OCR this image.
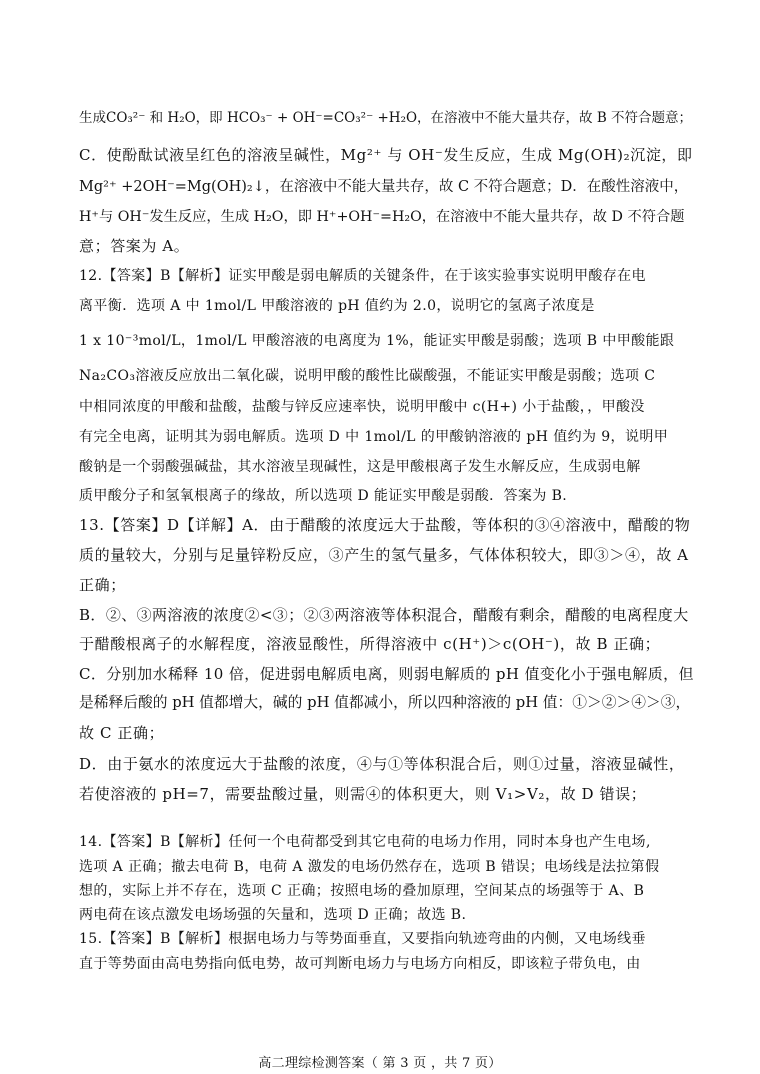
生成CO₃²⁻ 和 H₂O，即 HCO₃⁻ + OH⁻=CO₃²⁻ +H₂O，在溶液中不能大量共存，故 B 不符合题意；
C．使酚酞试液呈红色的溶液呈碱性，Mg²⁺ 与 OH⁻发生反应，生成 Mg(OH)₂沉淀，即
Mg²⁺ +2OH⁻=Mg(OH)₂↓，在溶液中不能大量共存，故 C 不符合题意；D．在酸性溶液中，
H⁺与 OH⁻发生反应，生成 H₂O，即 H⁺+OH⁻=H₂O，在溶液中不能大量共存，故 D 不符合题
意；答案为 A。
12.【答案】B【解析】证实甲酸是弱电解质的关键条件，在于该实验事实说明甲酸存在电
离平衡．选项 A 中 1mol/L 甲酸溶液的 pH 值约为 2.0，说明它的氢离子浓度是
1 x 10⁻³mol/L，1mol/L 甲酸溶液的电离度为 1%，能证实甲酸是弱酸；选项 B 中甲酸能跟
Na₂CO₃溶液反应放出二氧化碳，说明甲酸的酸性比碳酸强，不能证实甲酸是弱酸；选项 C
中相同浓度的甲酸和盐酸，盐酸与锌反应速率快，说明甲酸中 c(H+) 小于盐酸，，甲酸没
有完全电离，证明其为弱电解质。选项 D 中 1mol/L 的甲酸钠溶液的 pH 值约为 9，说明甲
酸钠是一个弱酸强碱盐，其水溶液呈现碱性，这是甲酸根离子发生水解反应，生成弱电解
质甲酸分子和氢氧根离子的缘故，所以选项 D 能证实甲酸是弱酸．答案为 B.
13.【答案】D【详解】A．由于醋酸的浓度远大于盐酸，等体积的③④溶液中，醋酸的物
质的量较大，分别与足量锌粉反应，③产生的氢气量多，气体体积较大，即③＞④，故 A
正确；
B．②、③两溶液的浓度②<③；②③两溶液等体积混合，醋酸有剩余，醋酸的电离程度大
于醋酸根离子的水解程度，溶液显酸性，所得溶液中 c(H⁺)＞c(OH⁻)，故 B 正确；
C．分别加水稀释 10 倍，促进弱电解质电离，则弱电解质的 pH 值变化小于强电解质，但
是稀释后酸的 pH 值都增大，碱的 pH 值都减小，所以四种溶液的 pH 值：①＞②＞④＞③，
故 C 正确；
D．由于氨水的浓度远大于盐酸的浓度，④与①等体积混合后，则①过量，溶液显碱性，
若使溶液的 pH=7，需要盐酸过量，则需④的体积更大，则 V₁>V₂，故 D 错误；
14.【答案】B【解析】任何一个电荷都受到其它电荷的电场力作用，同时本身也产生电场,
选项 A 正确；撤去电荷 B，电荷 A 激发的电场仍然存在，选项 B 错误；电场线是法拉第假
想的，实际上并不存在，选项 C 正确；按照电场的叠加原理，空间某点的场强等于 A、B
两电荷在该点激发电场场强的矢量和，选项 D 正确；故选 B.
15.【答案】B【解析】根据电场力与等势面垂直，又要指向轨迹弯曲的内侧，又电场线垂
直于等势面由高电势指向低电势，故可判断电场力与电场方向相反，即该粒子带负电，由
高二理综检测答案（ 第 3 页 ，共 7 页）
